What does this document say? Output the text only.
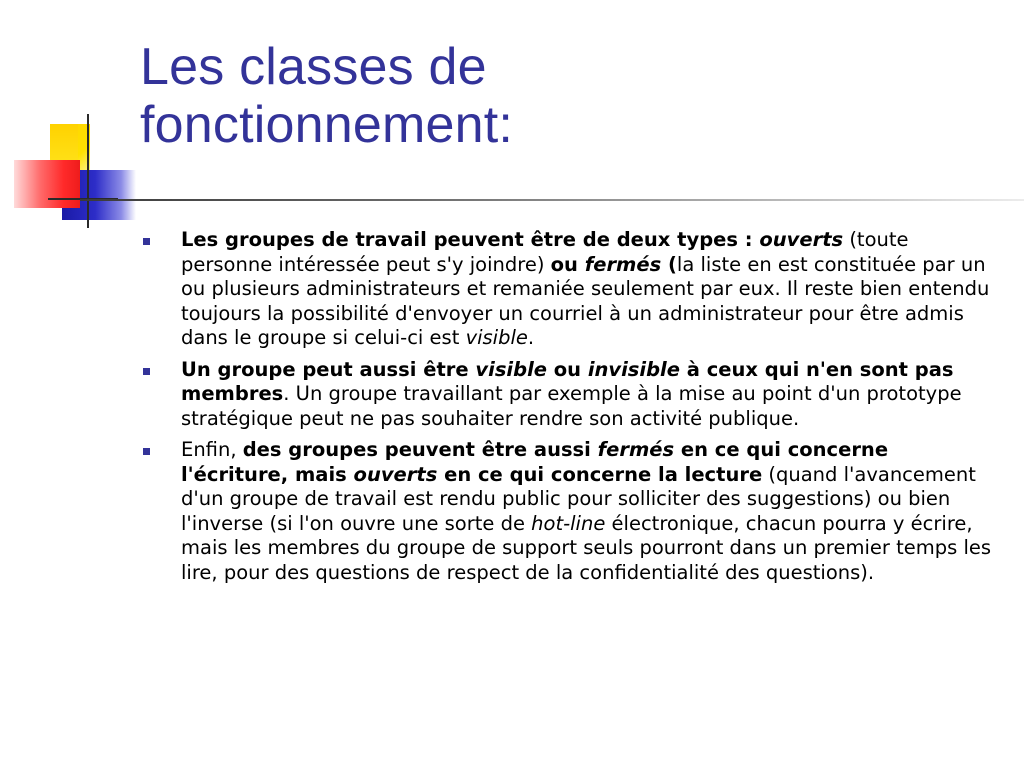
Les classes de
fonctionnement:
Les groupes de travail peuvent être de deux types : ouverts (toute personne intéressée peut s'y joindre) ou fermés (la liste en est constituée par un ou plusieurs administrateurs et remaniée seulement par eux. Il reste bien entendu toujours la possibilité d'envoyer un courriel à un administrateur pour être admis dans le groupe si celui-ci est visible.
Un groupe peut aussi être visible ou invisible à ceux qui n'en sont pas membres. Un groupe travaillant par exemple à la mise au point d'un prototype stratégique peut ne pas souhaiter rendre son activité publique.
Enfin, des groupes peuvent être aussi fermés en ce qui concerne l'écriture, mais ouverts en ce qui concerne la lecture (quand l'avancement d'un groupe de travail est rendu public pour solliciter des suggestions) ou bien l'inverse (si l'on ouvre une sorte de hot-line électronique, chacun pourra y écrire, mais les membres du groupe de support seuls pourront dans un premier temps les lire, pour des questions de respect de la confidentialité des questions).
